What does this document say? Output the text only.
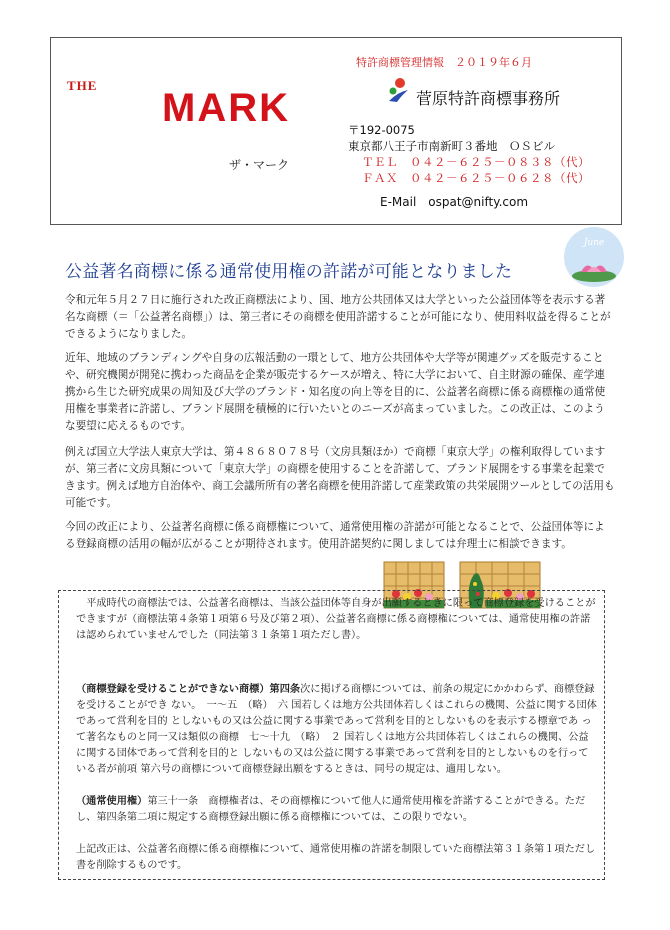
THE
MARK
ザ・マーク
特許商標管理情報　２０１９年６月
菅原特許商標事務所
〒192-0075
東京都八王子市南新町３番地　ＯＳビル
ＴＥＬ　０４２－６２５－０８３８（代）
ＦＡＸ　０４２－６２５－０６２８（代）
E-Mail　ospat@nifty.com
公益著名商標に係る通常使用権の許諾が可能となりました
June

令和元年５月２７日に施行された改正商標法により、国、地方公共団体又は大学といった公益団体等を表示する著名な商標（＝「公益著名商標」）は、第三者にその商標を使用許諾することが可能になり、使用料収益を得ることができるようになりました。

近年、地域のブランディングや自身の広報活動の一環として、地方公共団体や大学等が関連グッズを販売することや、研究機関が開発に携わった商品を企業が販売するケースが増え、特に大学において、自主財源の確保、産学連携から生じた研究成果の周知及び大学のブランド・知名度の向上等を目的に、公益著名商標に係る商標権の通常使用権を事業者に許諾し、ブランド展開を積極的に行いたいとのニーズが高まっていました。この改正は、このような要望に応えるものです。

例えば国立大学法人東京大学は、第４８６８０７８号（文房具類ほか）で商標「東京大学」の権利取得していますが、第三者に文房具類について「東京大学」の商標を使用することを許諾して、ブランド展開をする事業を起業できます。例えば地方自治体や、商工会議所所有の著名商標を使用許諾して産業政策の共栄展開ツールとしての活用も可能です。

今回の改正により、公益著名商標に係る商標権について、通常使用権の許諾が可能となることで、公益団体等による登録商標の活用の幅が広がることが期待されます。使用許諾契約に関しましては弁理士に相談できます。

平成時代の商標法では、公益著名商標は、当該公益団体等自身が出願するときに限って商標登録を受けることができますが（商標法第４条第１項第６号及び第２項）、公益著名商標に係る商標権については、通常使用権の許諾は認められていませんでした（同法第３１条第１項ただし書）。

（商標登録を受けることができない商標）第四条次に掲げる商標については、前条の規定にかかわらず、商標登録を受けることができ ない。　一～五　（略）　六 国若しくは地方公共団体若しくはこれらの機関、公益に関する団体であって営利を目的 としないもの又は公益に関する事業であって営利を目的としないものを表示する標章であ って著名なものと同一又は類似の商標　七～十九　（略）　２ 国若しくは地方公共団体若しくはこれらの機関、公益に関する団体であって営利を目的と しないもの又は公益に関する事業であって営利を目的としないものを行っている者が前項 第六号の商標について商標登録出願をするときは、同号の規定は、適用しない。

（通常使用権）第三十一条　商標権者は、その商標権について他人に通常使用権を許諾することができる。ただし、第四条第二項に規定する商標登録出願に係る商標権については、この限りでない。

上記改正は、公益著名商標に係る商標権について、通常使用権の許諾を制限していた商標法第３１条第１項ただし書を削除するものです。
